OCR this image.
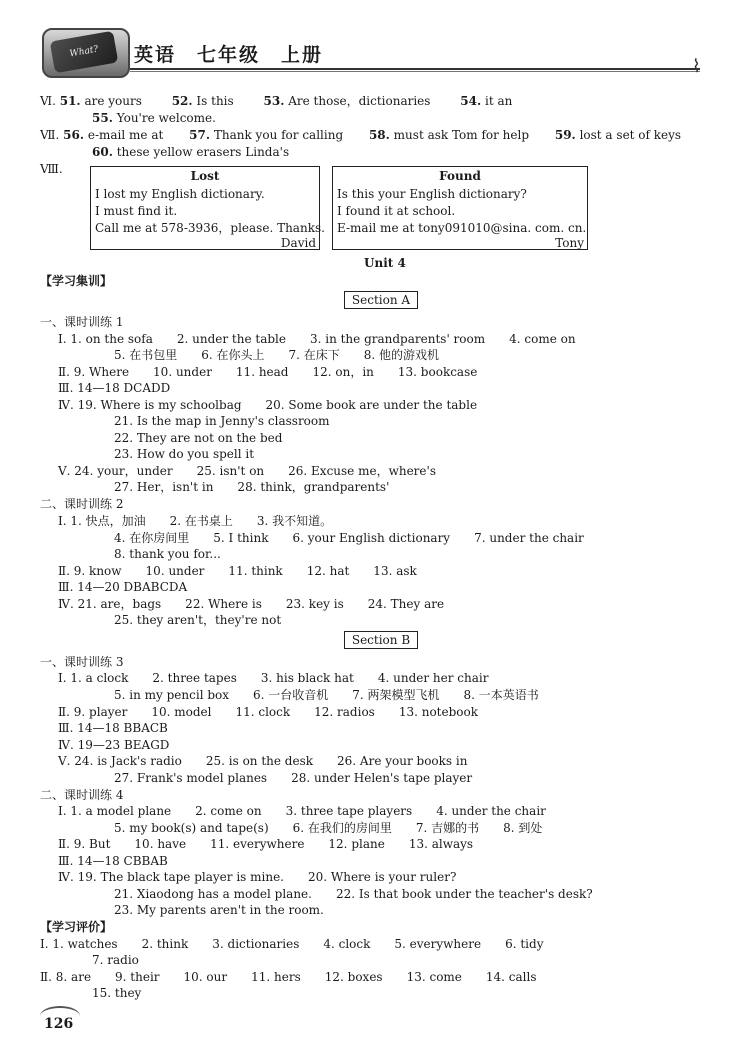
What?	英语　七年级　上册
⌇
Ⅵ. 51. are yours 52. Is this 53. Are those，dictionaries 54. it an
55. You're welcome.
Ⅶ. 56. e-mail me at 57. Thank you for calling 58. must ask Tom for help 59. lost a set of keys
60. these yellow erasers Linda's
Ⅷ.	Lost
I lost my English dictionary.
I must find it.
Call me at 578-3936，please. Thanks.
David
Found
Is this your English dictionary?
I found it at school.
E-mail me at tony091010@sina. com. cn.
Tony
Unit 4
【学习集训】
Section A
Section B
【学习评价】
一、课时训练 1
Ⅰ. 1. on the sofa　　2. under the table　　3. in the grandparents' room　　4. come on
5. 在书包里　　6. 在你头上　　7. 在床下　　8. 他的游戏机
Ⅱ. 9. Where　　10. under　　11. head　　12. on，in　　13. bookcase
Ⅲ. 14—18 DCADD
Ⅳ. 19. Where is my schoolbag　　20. Some book are under the table
21. Is the map in Jenny's classroom
22. They are not on the bed
23. How do you spell it
Ⅴ. 24. your，under　　25. isn't on　　26. Excuse me，where's
27. Her，isn't in　　28. think，grandparents'
二、课时训练 2
Ⅰ. 1. 快点，加油　　2. 在书桌上　　3. 我不知道。
4. 在你房间里　　5. I think　　6. your English dictionary　　7. under the chair
8. thank you for...
Ⅱ. 9. know　　10. under　　11. think　　12. hat　　13. ask
Ⅲ. 14—20 DBABCDA
Ⅳ. 21. are，bags　　22. Where is　　23. key is　　24. They are
25. they aren't，they're not
一、课时训练 3
Ⅰ. 1. a clock　　2. three tapes　　3. his black hat　　4. under her chair
5. in my pencil box　　6. 一台收音机　　7. 两架模型飞机　　8. 一本英语书
Ⅱ. 9. player　　10. model　　11. clock　　12. radios　　13. notebook
Ⅲ. 14—18 BBACB
Ⅳ. 19—23 BEAGD
Ⅴ. 24. is Jack's radio　　25. is on the desk　　26. Are your books in
27. Frank's model planes　　28. under Helen's tape player
二、课时训练 4
Ⅰ. 1. a model plane　　2. come on　　3. three tape players　　4. under the chair
5. my book(s) and tape(s)　　6. 在我们的房间里　　7. 吉娜的书　　8. 到处
Ⅱ. 9. But　　10. have　　11. everywhere　　12. plane　　13. always
Ⅲ. 14—18 CBBAB
Ⅳ. 19. The black tape player is mine.　　20. Where is your ruler?
21. Xiaodong has a model plane.　　22. Is that book under the teacher's desk?
23. My parents aren't in the room.
Ⅰ. 1. watches　　2. think　　3. dictionaries　　4. clock　　5. everywhere　　6. tidy
7. radio
Ⅱ. 8. are　　9. their　　10. our　　11. hers　　12. boxes　　13. come　　14. calls
15. they
126
